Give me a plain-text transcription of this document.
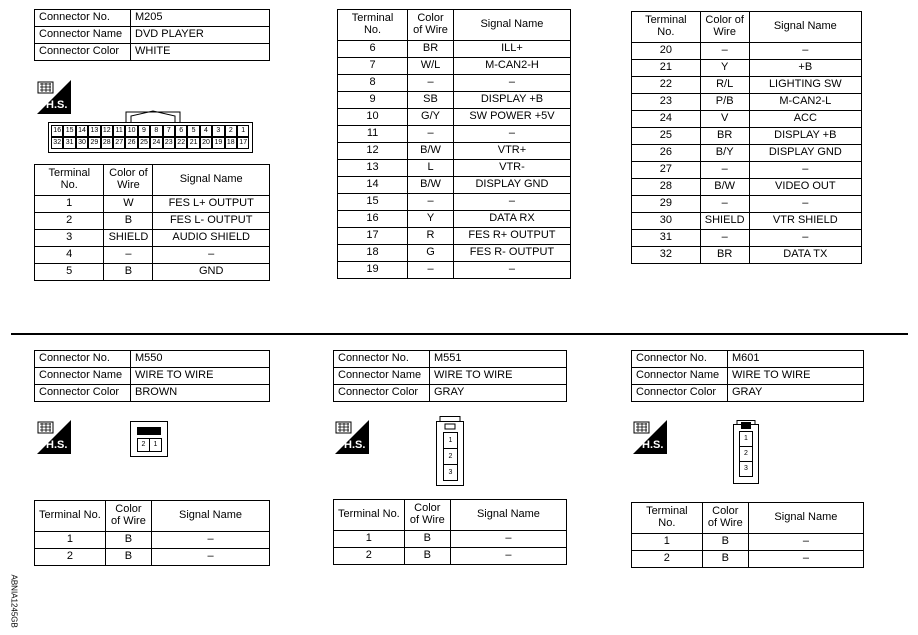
Connector No.	M205
Connector Name	DVD PLAYER
Connector Color	WHITE
H.S.
16 15 14 13 12 11 10 9	8	7	6	5	4	3	2	1
32 31 30 29 28 27 26 25 24 23 22 21 20 19 18 17
Terminal No.	Color of Wire	Signal Name
1	W	FES L+ OUTPUT
2	B	FES L- OUTPUT
3	SHIELD	AUDIO SHIELD
4	–	–
5	B	GND
Terminal No.	Color of Wire	Signal Name
6	BR	ILL+
7	W/L	M-CAN2-H
8	–	–
9	SB	DISPLAY +B
10	G/Y	SW POWER +5V
11	–	–
12	B/W	VTR+
13	L	VTR-
14	B/W	DISPLAY GND
15	–	–
16	Y	DATA RX
17	R	FES R+ OUTPUT
18	G	FES R- OUTPUT
19	–	–
Terminal No.	Color of Wire	Signal Name
20	–	–
21	Y	+B
22	R/L	LIGHTING SW
23	P/B	M-CAN2-L
24	V	ACC
25	BR	DISPLAY +B
26	B/Y	DISPLAY GND
27	–	–
28	B/W	VIDEO OUT
29	–	–
30	SHIELD	VTR SHIELD
31	–	–
32	BR	DATA TX
Connector No.	M550
Connector Name	WIRE TO WIRE
Connector Color	BROWN
H.S.	2	1
Terminal No.	Color of Wire	Signal Name
1	B	–
2	B	–
Connector No.	M551
Connector Name	WIRE TO WIRE
Connector Color	GRAY
H.S.	1
2
3
Terminal No.	Color of Wire	Signal Name
1	B	–
2	B	–
Connector No.	M601
Connector Name	WIRE TO WIRE
Connector Color	GRAY
H.S.
1
2
3
Terminal No.	Color of Wire	Signal Name
1	B	–
2	B	–
ABNIA1245GB
